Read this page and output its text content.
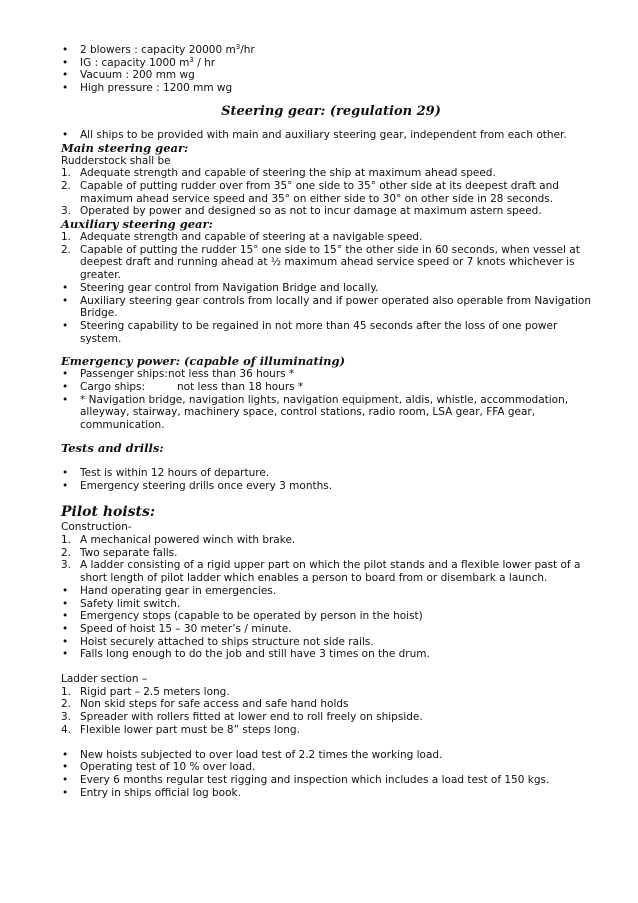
• 2 blowers : capacity 20000 $m^3/hr$
• IG : capacity 1000 $m^3$ / hr
• Vacuum : 200 mm wg
• High pressure : 1200 mm wg
Steering gear: (regulation 29)
• All ships to be provided with main and auxiliary steering gear, independent from each other.
Main steering gear:
Rudderstock shall be
1. Adequate strength and capable of steering the ship at maximum ahead speed.
2. Capable of putting rudder over from 35° one side to 35° other side at its deepest draft and maximum ahead service speed and 35° on either side to 30° on other side in 28 seconds.
3. Operated by power and designed so as not to incur damage at maximum astern speed.
Auxiliary steering gear:
1. Adequate strength and capable of steering at a navigable speed.
2. Capable of putting the rudder 15° one side to 15° the other side in 60 seconds, when vessel at deepest draft and running ahead at ½ maximum ahead service speed or 7 knots whichever is greater.
• Steering gear control from Navigation Bridge and locally.
• Auxiliary steering gear controls from locally and if power operated also operable from Navigation Bridge.
• Steering capability to be regained in not more than 45 seconds after the loss of one power system.
Emergency power: (capable of illuminating)
• Passenger ships:not less than 36 hours *
• Cargo ships:	not less than 18 hours *
• * Navigation bridge, navigation lights, navigation equipment, aldis, whistle, accommodation, alleyway, stairway, machinery space, control stations, radio room, LSA gear, FFA gear, communication.
Tests and drills:
• Test is within 12 hours of departure.
• Emergency steering drills once every 3 months.
Pilot hoists:
Construction-
1. A mechanical powered winch with brake.
2. Two separate falls.
3. A ladder consisting of a rigid upper part on which the pilot stands and a flexible lower past of a short length of pilot ladder which enables a person to board from or disembark a launch.
• Hand operating gear in emergencies.
• Safety limit switch.
• Emergency stops (capable to be operated by person in the hoist)
• Speed of hoist 15 – 30 meter’s / minute.
• Hoist securely attached to ships structure not side rails.
• Falls long enough to do the job and still have 3 times on the drum.
Ladder section –
1. Rigid part – 2.5 meters long.
2. Non skid steps for safe access and safe hand holds
3. Spreader with rollers fitted at lower end to roll freely on shipside.
4. Flexible lower part must be 8” steps long.
• New hoists subjected to over load test of 2.2 times the working load.
• Operating test of 10 % over load.
• Every 6 months regular test rigging and inspection which includes a load test of 150 kgs.
• Entry in ships official log book.
